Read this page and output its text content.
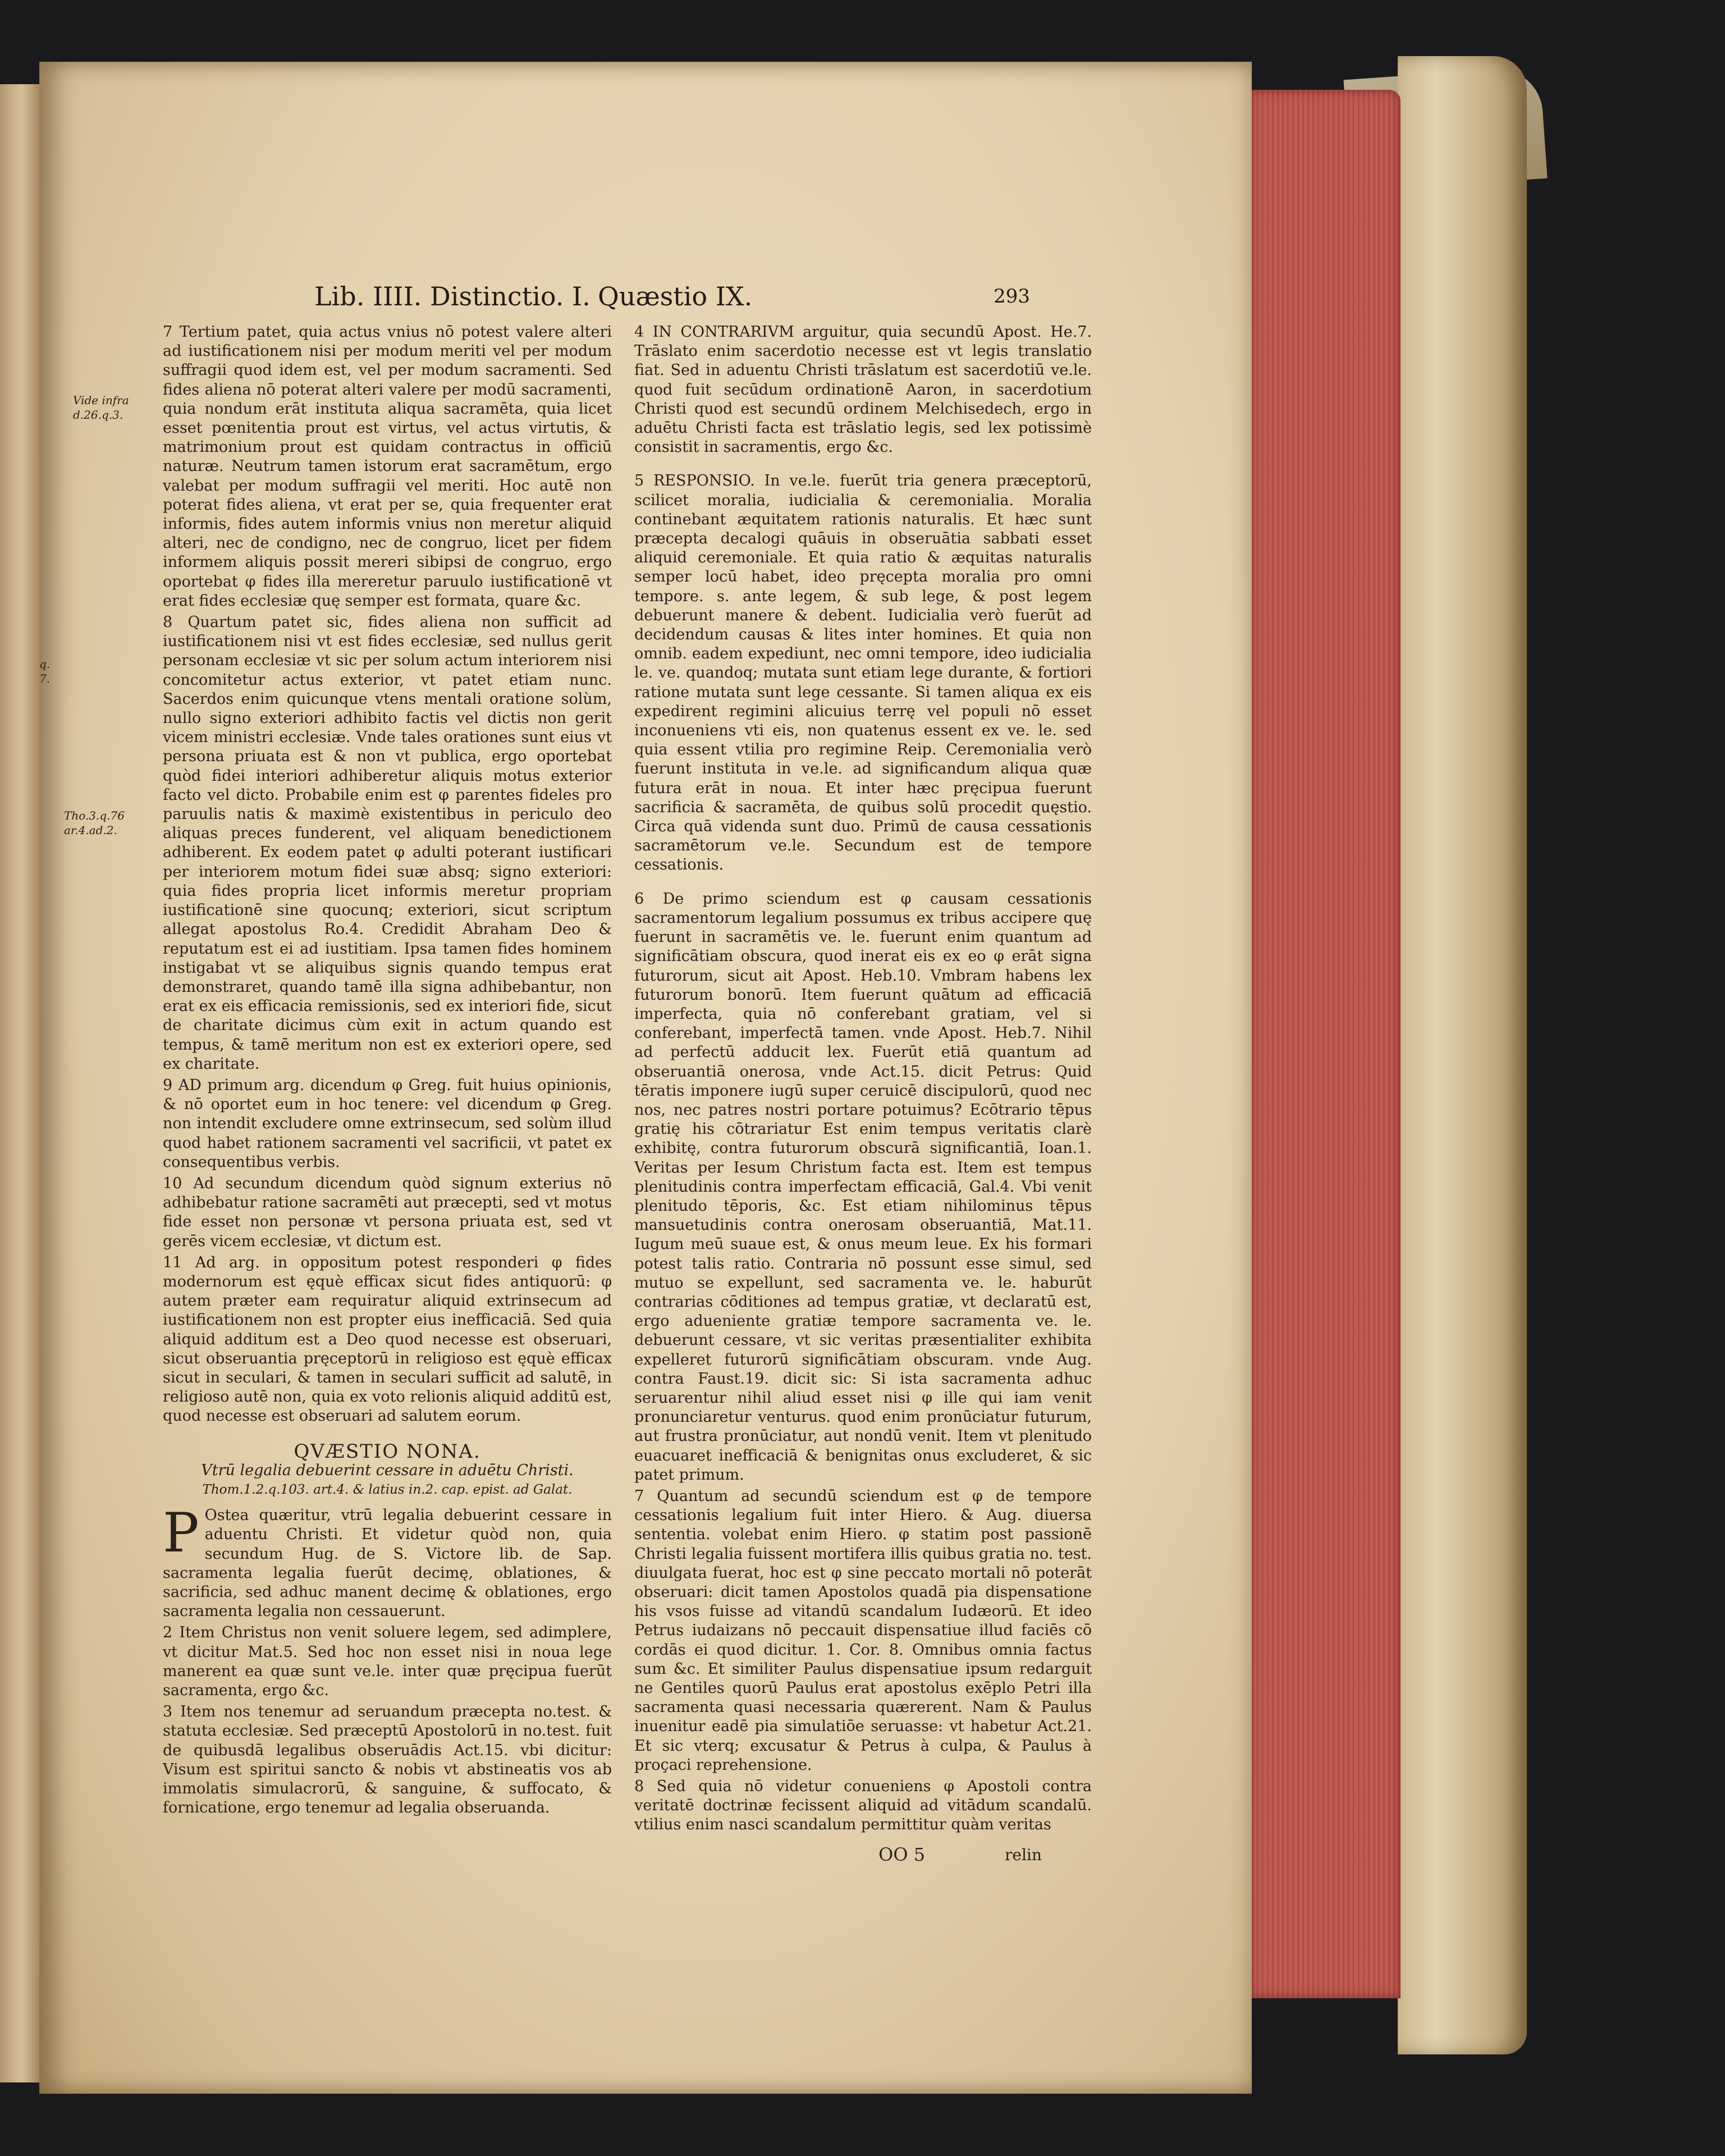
Lib. IIII. Distinctio. I. Quæstio IX.	293
Vide infra d.26.q.3.
q. 7.
Tho.3.q.76 ar.4.ad.2.

7 Tertium patet, quia actus vnius nō potest valere alteri ad iustificationem nisi per modum meriti vel per modum suffragii quod idem est, vel per modum sacramenti. Sed fides aliena nō poterat alteri valere per modū sacramenti, quia nondum erāt instituta aliqua sacramēta, quia licet esset pœnitentia prout est virtus, vel actus virtutis, & matrimonium prout est quidam contractus in officiū naturæ. Neutrum tamen istorum erat sacramētum, ergo valebat per modum suffragii vel meriti. Hoc autē non poterat fides aliena, vt erat per se, quia frequenter erat informis, fides autem informis vnius non meretur aliquid alteri, nec de condigno, nec de congruo, licet per fidem informem aliquis possit mereri sibipsi de congruo, ergo oportebat φ fides illa mereretur paruulo iustificationē vt erat fides ecclesiæ quę semper est formata, quare &c.

8 Quartum patet sic, fides aliena non sufficit ad iustificationem nisi vt est fides ecclesiæ, sed nullus gerit personam ecclesiæ vt sic per solum actum interiorem nisi concomitetur actus exterior, vt patet etiam nunc. Sacerdos enim quicunque vtens mentali oratione solùm, nullo signo exteriori adhibito factis vel dictis non gerit vicem ministri ecclesiæ. Vnde tales orationes sunt eius vt persona priuata est & non vt publica, ergo oportebat quòd fidei interiori adhiberetur aliquis motus exterior facto vel dicto. Probabile enim est φ parentes fideles pro paruulis natis & maximè existentibus in periculo deo aliquas preces funderent, vel aliquam benedictionem adhiberent. Ex eodem patet φ adulti poterant iustificari per interiorem motum fidei suæ absq; signo exteriori: quia fides propria licet informis meretur propriam iustificationē sine quocunq; exteriori, sicut scriptum allegat apostolus Ro.4. Credidit Abraham Deo & reputatum est ei ad iustitiam. Ipsa tamen fides hominem instigabat vt se aliquibus signis quando tempus erat demonstraret, quando tamē illa signa adhibebantur, non erat ex eis efficacia remissionis, sed ex interiori fide, sicut de charitate dicimus cùm exit in actum quando est tempus, & tamē meritum non est ex exteriori opere, sed ex charitate.

9 AD primum arg. dicendum φ Greg. fuit huius opinionis, & nō oportet eum in hoc tenere: vel dicendum φ Greg. non intendit excludere omne extrinsecum, sed solùm illud quod habet rationem sacramenti vel sacrificii, vt patet ex consequentibus verbis.

10 Ad secundum dicendum quòd signum exterius nō adhibebatur ratione sacramēti aut præcepti, sed vt motus fide esset non personæ vt persona priuata est, sed vt gerēs vicem ecclesiæ, vt dictum est.

11 Ad arg. in oppositum potest responderi φ fides modernorum est ęquè efficax sicut fides antiquorū: φ autem præter eam requiratur aliquid extrinsecum ad iustificationem non est propter eius inefficaciā. Sed quia aliquid additum est a Deo quod necesse est obseruari, sicut obseruantia pręceptorū in religioso est ęquè efficax sicut in seculari, & tamen in seculari sufficit ad salutē, in religioso autē non, quia ex voto relionis aliquid additū est, quod necesse est obseruari ad salutem eorum.

QVÆSTIO NONA.
Vtrū legalia debuerint cessare in aduētu Christi.
Thom.1.2.q.103. art.4. & latius in.2. cap. epist. ad Galat.

P Ostea quæritur, vtrū legalia debuerint cessare in aduentu Christi. Et videtur quòd non, quia secundum Hug. de S. Victore lib. de Sap. sacramenta legalia fuerūt decimę, oblationes, & sacrificia, sed adhuc manent decimę & oblationes, ergo sacramenta legalia non cessauerunt.

2 Item Christus non venit soluere legem, sed adimplere, vt dicitur Mat.5. Sed hoc non esset nisi in noua lege manerent ea quæ sunt ve.le. inter quæ pręcipua fuerūt sacramenta, ergo &c.

3 Item nos tenemur ad seruandum præcepta no.test. & statuta ecclesiæ. Sed præceptū Apostolorū in no.test. fuit de quibusdā legalibus obseruādis Act.15. vbi dicitur: Visum est spiritui sancto & nobis vt abstineatis vos ab immolatis simulacrorū, & sanguine, & suffocato, & fornicatione, ergo tenemur ad legalia obseruanda.

4 IN CONTRARIVM arguitur, quia secundū Apost. He.7. Trāslato enim sacerdotio necesse est vt legis translatio fiat. Sed in aduentu Christi trāslatum est sacerdotiū ve.le. quod fuit secūdum ordinationē Aaron, in sacerdotium Christi quod est secundū ordinem Melchisedech, ergo in aduētu Christi facta est trāslatio legis, sed lex potissimè consistit in sacramentis, ergo &c.

5 RESPONSIO. In ve.le. fuerūt tria genera præceptorū, scilicet moralia, iudicialia & ceremonialia. Moralia continebant æquitatem rationis naturalis. Et hæc sunt præcepta decalogi quāuis in obseruātia sabbati esset aliquid ceremoniale. Et quia ratio & æquitas naturalis semper locū habet, ideo pręcepta moralia pro omni tempore. s. ante legem, & sub lege, & post legem debuerunt manere & debent. Iudicialia verò fuerūt ad decidendum causas & lites inter homines. Et quia non omnib. eadem expediunt, nec omni tempore, ideo iudicialia le. ve. quandoq; mutata sunt etiam lege durante, & fortiori ratione mutata sunt lege cessante. Si tamen aliqua ex eis expedirent regimini alicuius terrę vel populi nō esset inconueniens vti eis, non quatenus essent ex ve. le. sed quia essent vtilia pro regimine Reip. Ceremonialia verò fuerunt instituta in ve.le. ad significandum aliqua quæ futura erāt in noua. Et inter hæc pręcipua fuerunt sacrificia & sacramēta, de quibus solū procedit quęstio. Circa quā videnda sunt duo. Primū de causa cessationis sacramētorum ve.le. Secundum est de tempore cessationis.

6 De primo sciendum est φ causam cessationis sacramentorum legalium possumus ex tribus accipere quę fuerunt in sacramētis ve. le. fuerunt enim quantum ad significātiam obscura, quod inerat eis ex eo φ erāt signa futurorum, sicut ait Apost. Heb.10. Vmbram habens lex futurorum bonorū. Item fuerunt quātum ad efficaciā imperfecta, quia nō conferebant gratiam, vel si conferebant, imperfectā tamen. vnde Apost. Heb.7. Nihil ad perfectū adducit lex. Fuerūt etiā quantum ad obseruantiā onerosa, vnde Act.15. dicit Petrus: Quid tēratis imponere iugū super ceruicē discipulorū, quod nec nos, nec patres nostri portare potuimus? Ecōtrario tēpus gratię his cōtrariatur Est enim tempus veritatis clarè exhibitę, contra futurorum obscurā significantiā, Ioan.1. Veritas per Iesum Christum facta est. Item est tempus plenitudinis contra imperfectam efficaciā, Gal.4. Vbi venit plenitudo tēporis, &c. Est etiam nihilominus tēpus mansuetudinis contra onerosam obseruantiā, Mat.11. Iugum meū suaue est, & onus meum leue. Ex his formari potest talis ratio. Contraria nō possunt esse simul, sed mutuo se expellunt, sed sacramenta ve. le. haburūt contrarias cōditiones ad tempus gratiæ, vt declaratū est, ergo adueniente gratiæ tempore sacramenta ve. le. debuerunt cessare, vt sic veritas præsentialiter exhibita expelleret futurorū significātiam obscuram. vnde Aug. contra Faust.19. dicit sic: Si ista sacramenta adhuc seruarentur nihil aliud esset nisi φ ille qui iam venit pronunciaretur venturus. quod enim pronūciatur futurum, aut frustra pronūciatur, aut nondū venit. Item vt plenitudo euacuaret inefficaciā & benignitas onus excluderet, & sic patet primum.

7 Quantum ad secundū sciendum est φ de tempore cessationis legalium fuit inter Hiero. & Aug. diuersa sententia. volebat enim Hiero. φ statim post passionē Christi legalia fuissent mortifera illis quibus gratia no. test. diuulgata fuerat, hoc est φ sine peccato mortali nō poterāt obseruari: dicit tamen Apostolos quadā pia dispensatione his vsos fuisse ad vitandū scandalum Iudæorū. Et ideo Petrus iudaizans nō peccauit dispensatiue illud faciēs cō cordās ei quod dicitur. 1. Cor. 8. Omnibus omnia factus sum &c. Et similiter Paulus dispensatiue ipsum redarguit ne Gentiles quorū Paulus erat apostolus exēplo Petri illa sacramenta quasi necessaria quærerent. Nam & Paulus inuenitur eadē pia simulatiōe seruasse: vt habetur Act.21. Et sic vterq; excusatur & Petrus à culpa, & Paulus à proçaci reprehensione.

8 Sed quia nō videtur conueniens φ Apostoli contra veritatē doctrinæ fecissent aliquid ad vitādum scandalū. vtilius enim nasci scandalum permittitur quàm veritas

OO 5	relin
